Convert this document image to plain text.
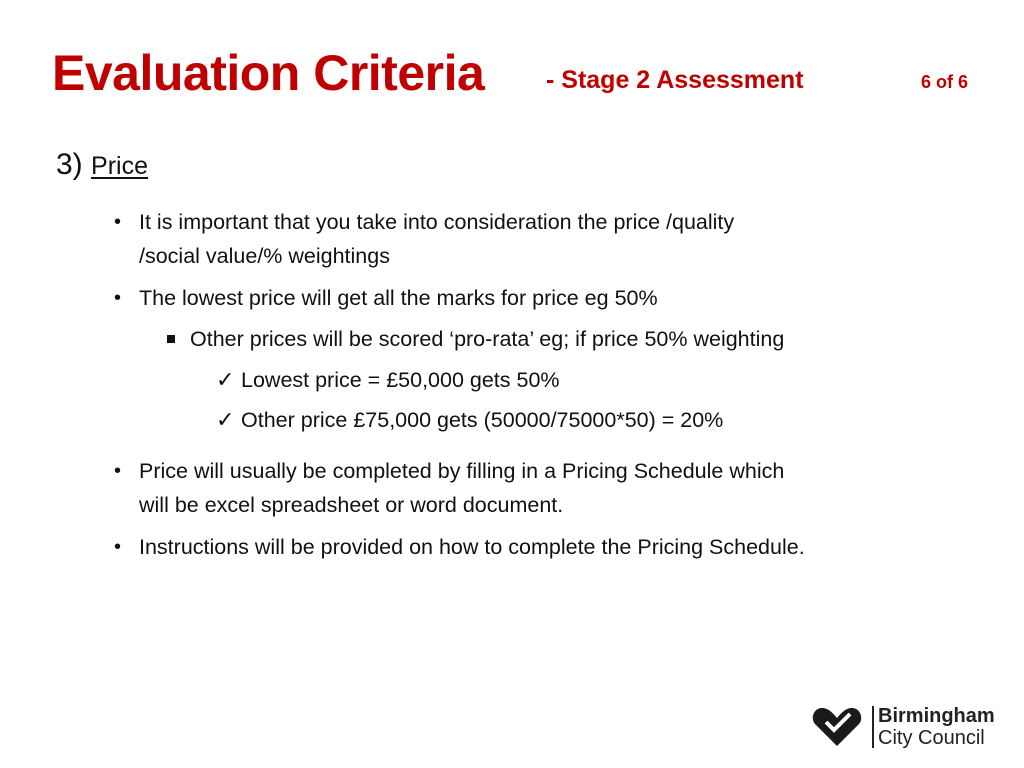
Evaluation Criteria - Stage 2 Assessment	6 of 6
3) Price
• It is important that you take into consideration the price /quality
/social value/% weightings
• The lowest price will get all the marks for price eg 50%
Other prices will be scored ‘pro-rata’ eg; if price 50% weighting
✓ Lowest price = £50,000 gets 50%
✓ Other price £75,000 gets (50000/75000*50) = 20%
• Price will usually be completed by filling in a Pricing Schedule which
will be excel spreadsheet or word document.
• Instructions will be provided on how to complete the Pricing Schedule.
Birmingham
City Council
